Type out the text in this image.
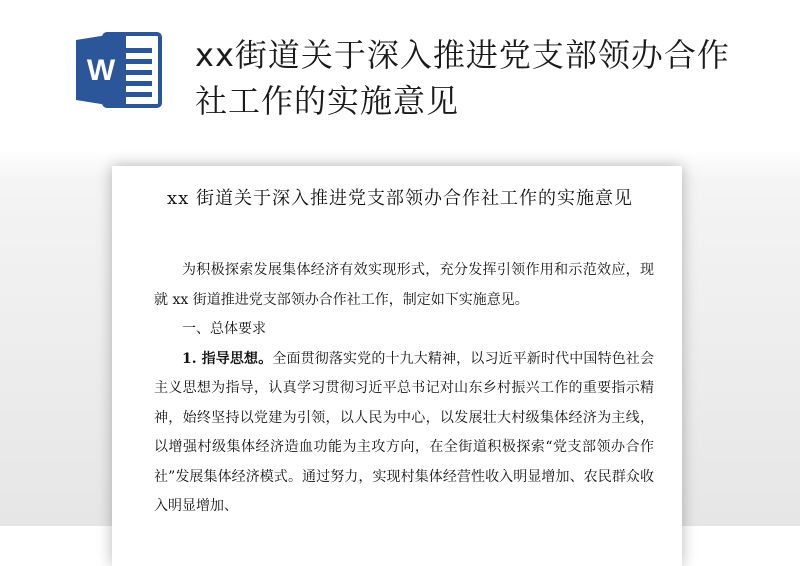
W xx街道关于深入推进党支部领办合作社工作的实施意见
xx 街道关于深入推进党支部领办合作社工作的实施意见

为积极探索发展集体经济有效实现形式，充分发挥引领作用和示范效应，现就 xx 街道推进党支部领办合作社工作，制定如下实施意见。

一、总体要求

1. 指导思想。全面贯彻落实党的十九大精神，以习近平新时代中国特色社会主义思想为指导，认真学习贯彻习近平总书记对山东乡村振兴工作的重要指示精神，始终坚持以党建为引领，以人民为中心，以发展壮大村级集体经济为主线，以增强村级集体经济造血功能为主攻方向，在全街道积极探索“党支部领办合作社”发展集体经济模式。通过努力，实现村集体经营性收入明显增加、农民群众收入明显增加、
